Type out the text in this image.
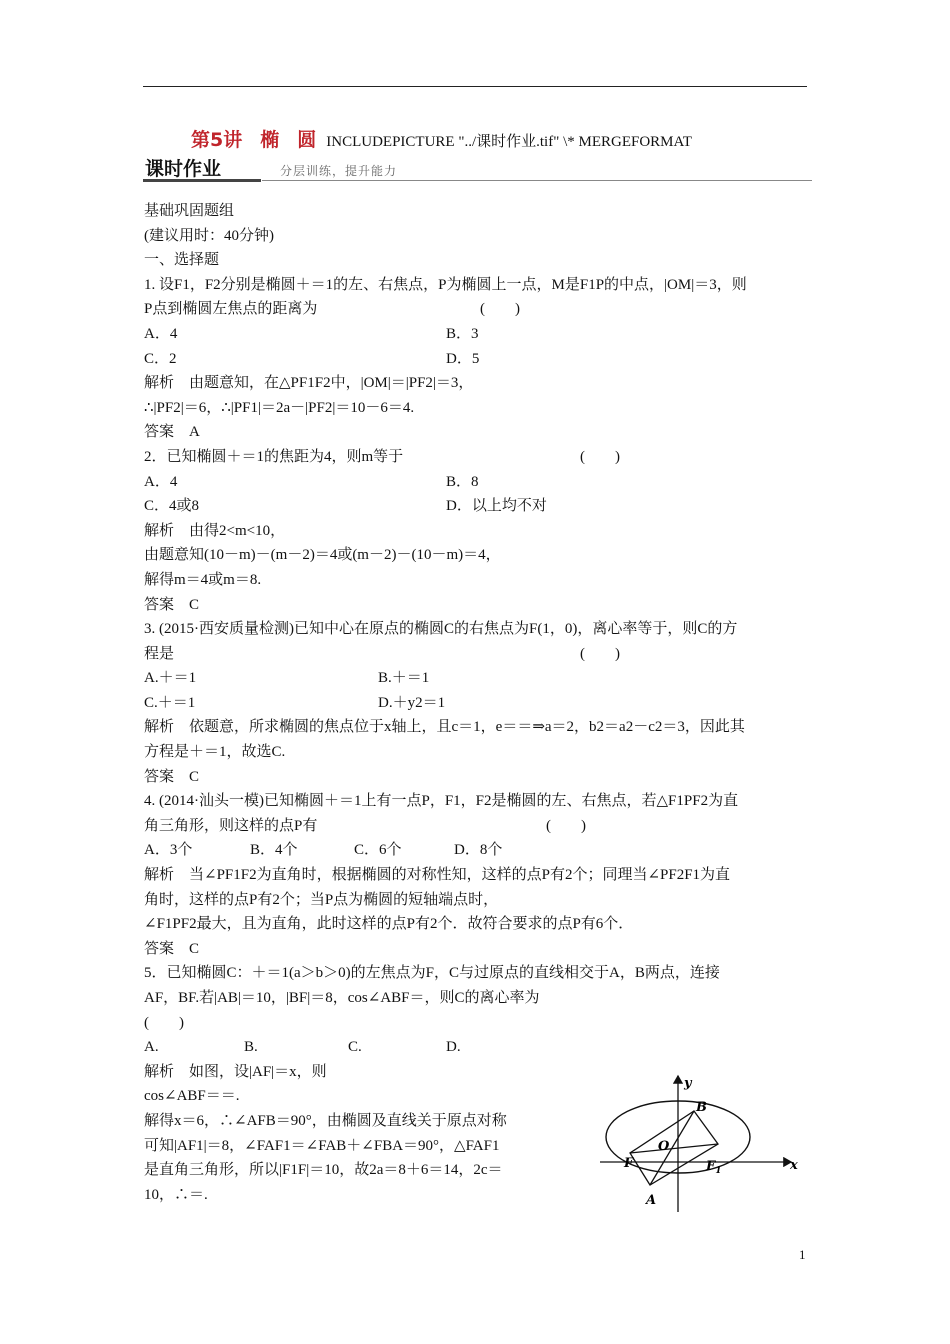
第5讲 椭 圆 INCLUDEPICTURE "../课时作业.tif" \* MERGEFORMAT
课时作业	分层训练，提升能力
基础巩固题组
(建议用时：40分钟)
一、选择题
1. 设F1，F2分别是椭圆＋＝1的左、右焦点，P为椭圆上一点，M是F1P的中点，|OM|＝3，则
P点到椭圆左焦点的距离为	(　　)
A．4	B．3
C．2	D．5
解析　由题意知，在△PF1F2中，|OM|＝|PF2|＝3，
∴|PF2|＝6，∴|PF1|＝2a－|PF2|＝10－6＝4.
答案　A
2．已知椭圆＋＝1的焦距为4，则m等于	(　　)
A．4	B．8
C．4或8	D．以上均不对
解析　由得2<m<10，
由题意知(10－m)－(m－2)＝4或(m－2)－(10－m)＝4，
解得m＝4或m＝8.
答案　C
3. (2015·西安质量检测)已知中心在原点的椭圆C的右焦点为F(1，0)，离心率等于，则C的方
程是	(　　)
A.＋＝1	B.＋＝1
C.＋＝1	D.＋y2＝1
解析　依题意，所求椭圆的焦点位于x轴上，且c＝1，e＝＝⇒a＝2，b2＝a2－c2＝3，因此其
方程是＋＝1，故选C.
答案　C
4. (2014·汕头一模)已知椭圆＋＝1上有一点P，F1，F2是椭圆的左、右焦点，若△F1PF2为直
角三角形，则这样的点P有	(　　)
A．3个	B．4个	C．6个	D．8个
解析　当∠PF1F2为直角时，根据椭圆的对称性知，这样的点P有2个；同理当∠PF2F1为直
角时，这样的点P有2个；当P点为椭圆的短轴端点时，
∠F1PF2最大，且为直角，此时这样的点P有2个．故符合要求的点P有6个．
答案　C
5．已知椭圆C：＋＝1(a＞b＞0)的左焦点为F，C与过原点的直线相交于A，B两点，连接
AF，BF.若|AB|＝10，|BF|＝8，cos∠ABF＝，则C的离心率为
(　　)
A.	B.	C.	D.
解析　如图，设|AF|＝x，则
cos∠ABF＝＝.
解得x＝6，∴∠AFB＝90°，由椭圆及直线关于原点对称
可知|AF1|＝8，∠FAF1＝∠FAB＋∠FBA＝90°，△FAF1
是直角三角形，所以|F1F|＝10，故2a＝8＋6＝14，2c＝
10，∴＝.
y
x
O
B
F	$F_1$
A
1
